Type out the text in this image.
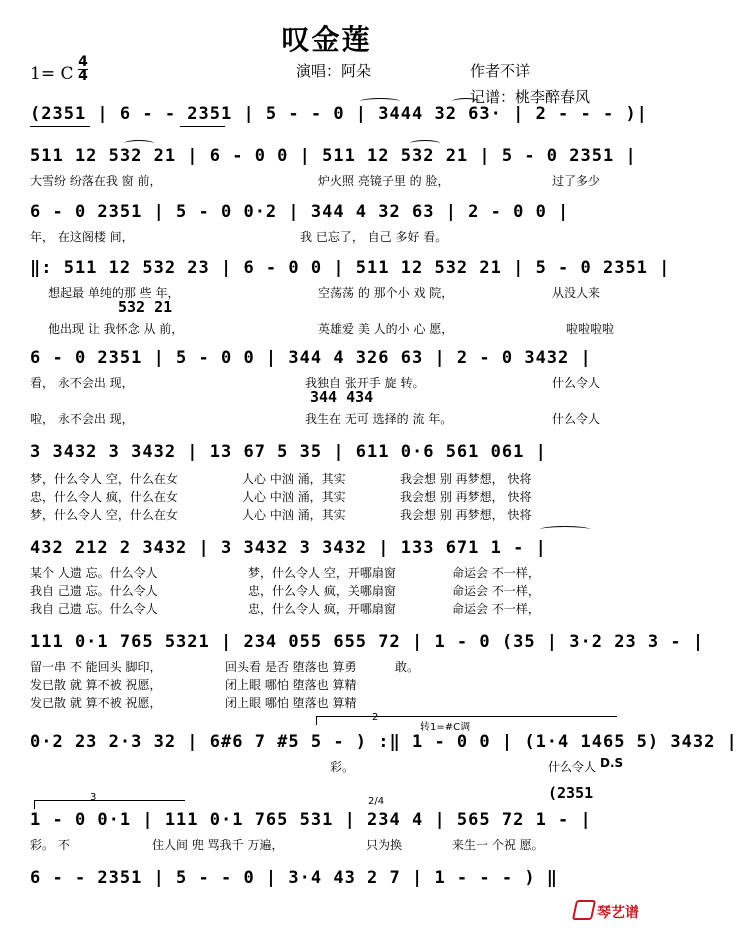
叹金莲
1= C
4
4	演唱：阿朵	作者不详
记谱：桃李醉春风
(2351 | 6 - - 2351 | 5 - - 0 | 3444 32 63· | 2 - - - )|
511 12 532 21 | 6 - 0 0 | 511 12 532 21 | 5 - 0 2351 |
大雪纷 纷落在我 窗 前，	炉火照 亮镜子里 的 脸，	过了多少
6 - 0 2351 | 5 - 0 0·2 | 344 4 32 63 | 2 - 0 0 |
年， 在这阁楼 间，	我 已忘了， 自己 多好 看。
‖: 511 12 532 23 | 6 - 0 0 | 511 12 532 21 | 5 - 0 2351 |
想起最 单纯的那 些 年，	空荡荡 的 那个小 戏 院，	从没人来
532 21
他出现 让 我怀念 从 前，	英雄爱 美 人的小 心 愿，	啦啦啦啦
6 - 0 2351 | 5 - 0 0 | 344 4 326 63 | 2 - 0 3432 |
看， 永不会出 现，	我独自 张开手 旋 转。	什么令人
344 434
啦， 永不会出 现，	我生在 无可 选择的 流 年。	什么令人
3 3432 3 3432 | 13 67 5 35 | 611 0·6 561 061 |
梦，什么令人 空，什么在女	人心 中汹 涌，其实	我会想 别 再梦想， 快将
忠，什么令人 疯，什么在女	人心 中汹 涌，其实	我会想 别 再梦想， 快将
梦，什么令人 空，什么在女	人心 中汹 涌，其实	我会想 别 再梦想， 快将
432 212 2 3432 | 3 3432 3 3432 | 133 671 1 - |
某个 人遗 忘。什么令人	梦，什么令人 空，开哪扇窗	命运会 不一样，
我自 己遗 忘。什么令人	忠，什么令人 疯，关哪扇窗	命运会 不一样，
我自 己遗 忘。什么令人	忠，什么令人 疯，开哪扇窗	命运会 不一样，
111 0·1 765 5321 | 234 055 655 72 | 1 - 0 (35 | 3·2 23 3 - |
留一串 不 能回头 脚印，	回头看 是否 堕落也 算勇	敢。
发已散 就 算不被 祝愿，	闭上眼 哪怕 堕落也 算精
发已散 就 算不被 祝愿，	闭上眼 哪怕 堕落也 算精
2
转1=#C调
0·2 23 2·3 32 | 6#6 7 #5 5 - ) :‖ 1 - 0 0 | (1·4 1465 5) 3432 |
彩。	什么令人 D.S
(2351
3	2/4
1 - 0 0·1 | 111 0·1 765 531 | 234 4 | 565 72 1 - |
彩。 不	住人间 兜 骂我千 万遍，	只为换	来生一 个祝 愿。
6 - - 2351 | 5 - - 0 | 3·4 43 2 7 | 1 - - - ) ‖
琴艺谱
